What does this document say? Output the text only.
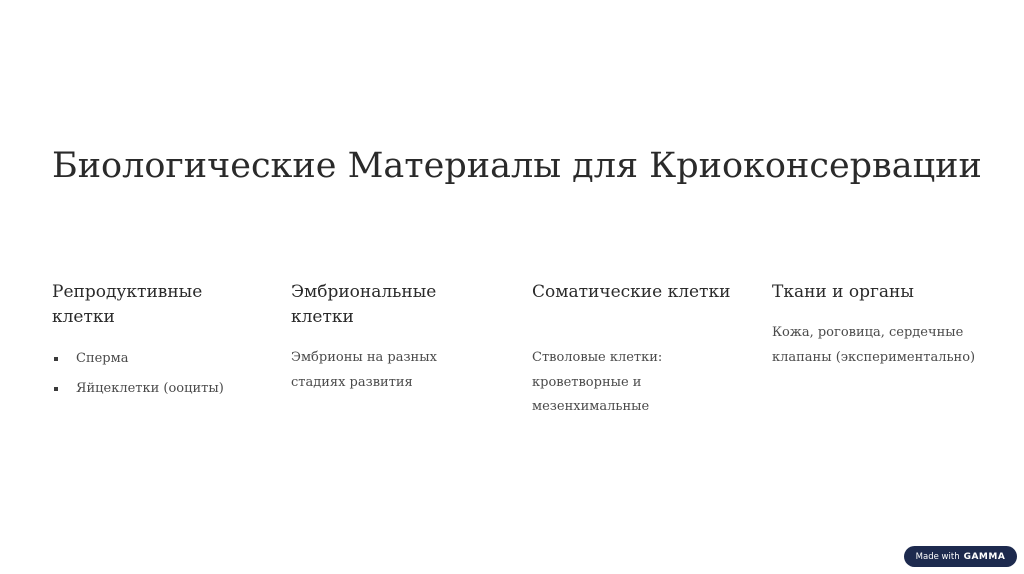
Биологические Материалы для Криоконсервации
Репродуктивные клетки
Сперма
Яйцеклетки (ооциты)
Эмбриональные клетки

Эмбрионы на разных стадиях развития

Соматические клетки

Стволовые клетки: кроветворные и мезенхимальные

Ткани и органы

Кожа, роговица, сердечные клапаны (экспериментально)

Made with GAMMA
